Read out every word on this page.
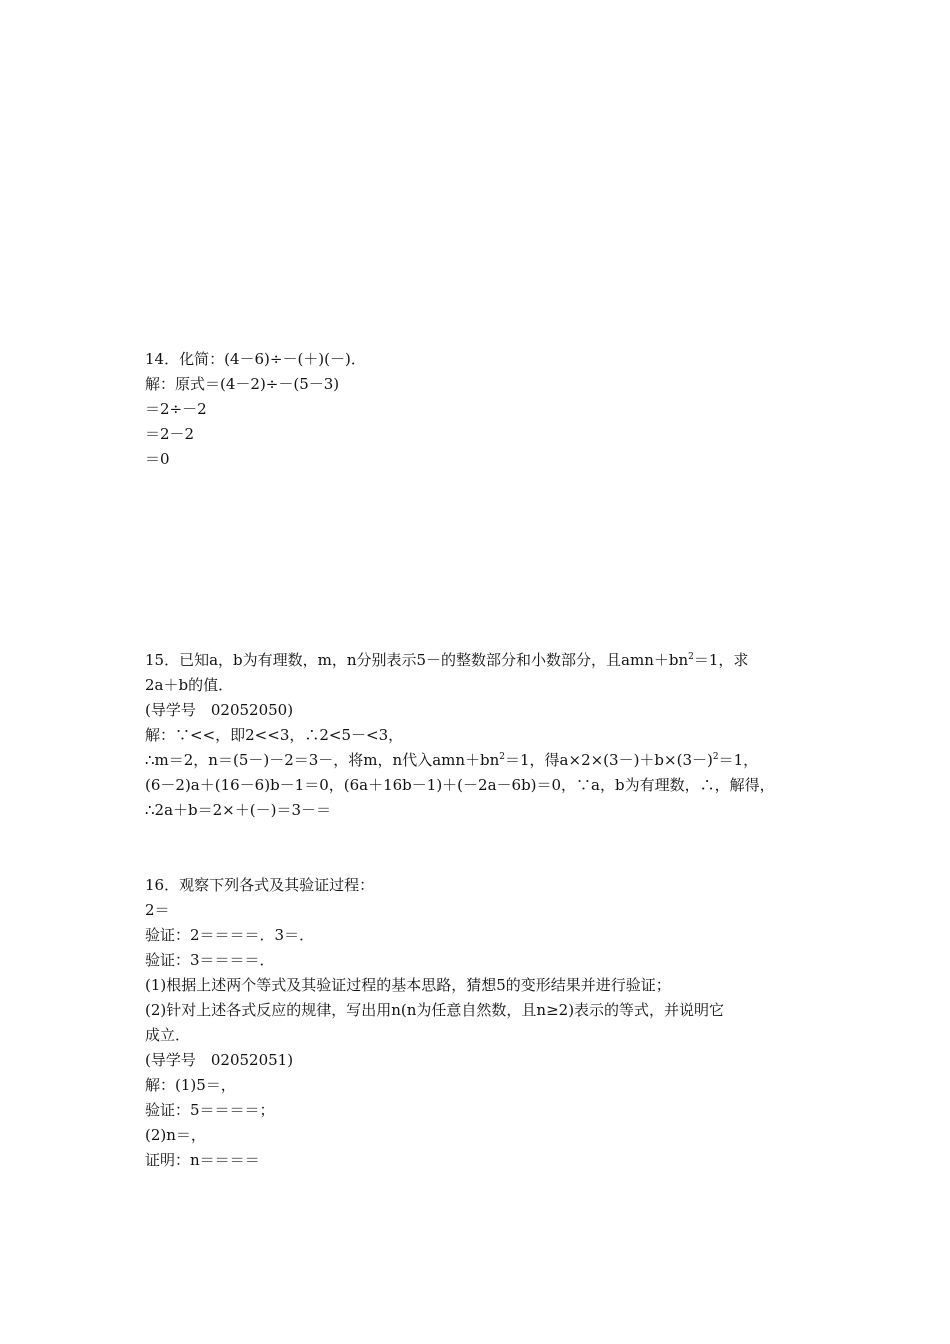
14．化简：(4－6)÷－(＋)(－)．
解：原式＝(4－2)÷－(5－3)
＝2÷－2
＝2－2
＝0
15．已知a，b为有理数，m，n分别表示5－的整数部分和小数部分，且$amn+bn^2=1$，求
2a＋b的值．
(导学号　02052050)
解：∵<<，即2<<3，∴2<5－<3，
∴m＝2，n＝(5－)－2＝3－，将m，n代入$amn+bn^2=1$，得$a\times 2\times(3-)+b\times(3-)^2=1$，
(6－2)a＋(16－6)b－1＝0，(6a＋16b－1)＋(－2a－6b)＝0，∵a，b为有理数，∴，解得，
∴2a＋b＝2×＋(－)＝3－＝
16．观察下列各式及其验证过程：
2＝
验证：2＝＝＝＝．3＝．
验证：3＝＝＝＝．
(1)根据上述两个等式及其验证过程的基本思路，猜想5的变形结果并进行验证；
(2)针对上述各式反应的规律，写出用n(n为任意自然数，且n≥2)表示的等式，并说明它
成立．
(导学号　02052051)
解：(1)5＝，
验证：5＝＝＝＝；
(2)n＝，
证明：n＝＝＝＝
